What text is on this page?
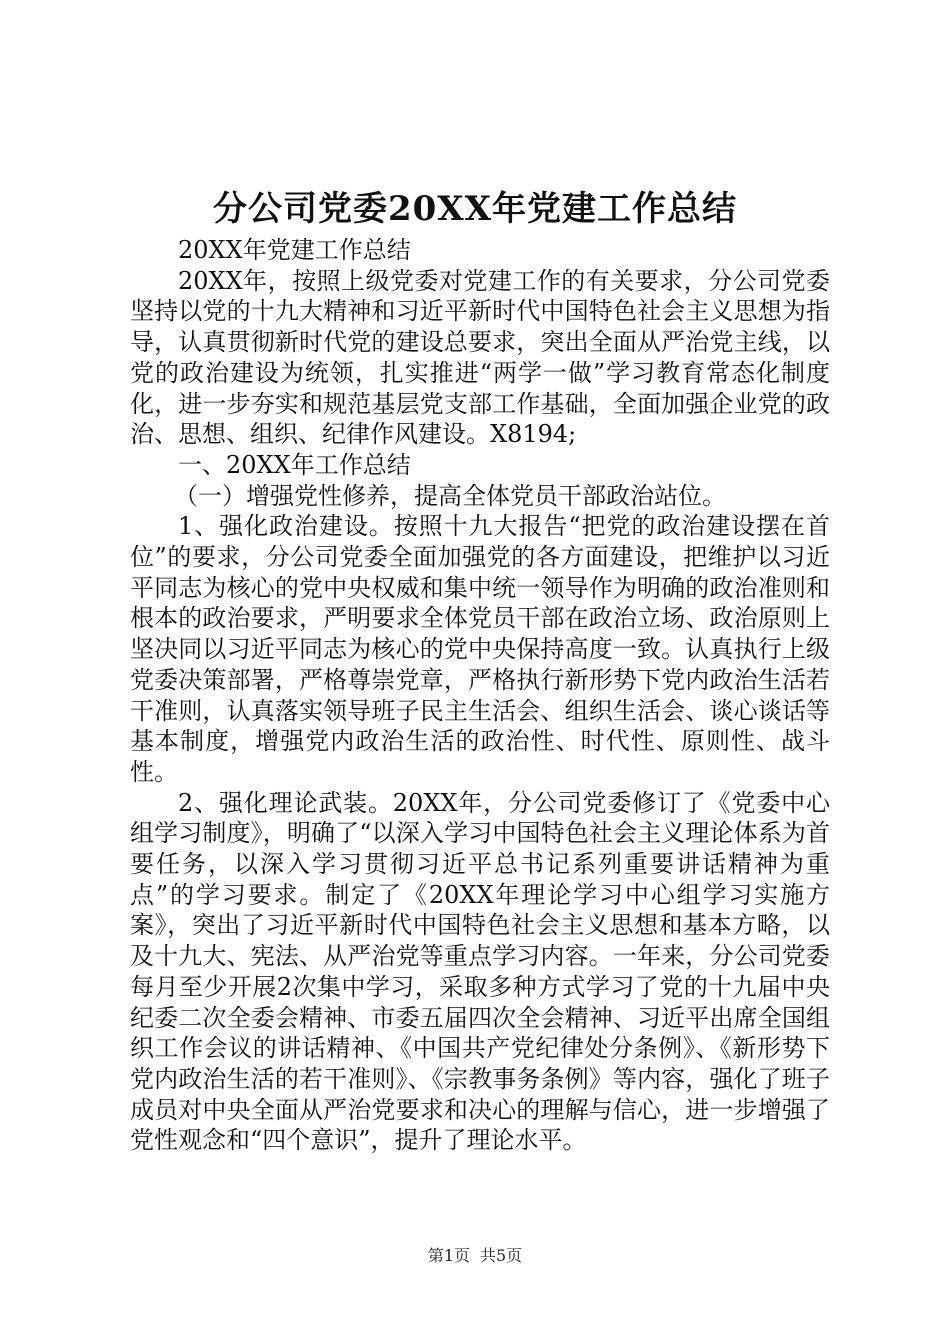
分公司党委20XX年党建工作总结

20XX年党建工作总结

20XX年，按照上级党委对党建工作的有关要求，分公司党委坚持以党的十九大精神和习近平新时代中国特色社会主义思想为指导，认真贯彻新时代党的建设总要求，突出全面从严治党主线，以党的政治建设为统领，扎实推进“两学一做”学习教育常态化制度化，进一步夯实和规范基层党支部工作基础，全面加强企业党的政治、思想、组织、纪律作风建设。X8194;

一、20XX年工作总结

（一）增强党性修养，提高全体党员干部政治站位。

1、强化政治建设。按照十九大报告“把党的政治建设摆在首位”的要求，分公司党委全面加强党的各方面建设，把维护以习近平同志为核心的党中央权威和集中统一领导作为明确的政治准则和根本的政治要求，严明要求全体党员干部在政治立场、政治原则上坚决同以习近平同志为核心的党中央保持高度一致。认真执行上级党委决策部署，严格尊崇党章，严格执行新形势下党内政治生活若干准则，认真落实领导班子民主生活会、组织生活会、谈心谈话等基本制度，增强党内政治生活的政治性、时代性、原则性、战斗性。

2、强化理论武装。20XX年，分公司党委修订了《党委中心组学习制度》，明确了“以深入学习中国特色社会主义理论体系为首要任务，以深入学习贯彻习近平总书记系列重要讲话精神为重点”的学习要求。制定了《20XX年理论学习中心组学习实施方案》，突出了习近平新时代中国特色社会主义思想和基本方略，以及十九大、宪法、从严治党等重点学习内容。一年来，分公司党委每月至少开展2次集中学习，采取多种方式学习了党的十九届中央纪委二次全委会精神、市委五届四次全会精神、习近平出席全国组织工作会议的讲话精神、《中国共产党纪律处分条例》、《新形势下党内政治生活的若干准则》、《宗教事务条例》等内容，强化了班子成员对中央全面从严治党要求和决心的理解与信心，进一步增强了党性观念和“四个意识”，提升了理论水平。

第1页 共5页
